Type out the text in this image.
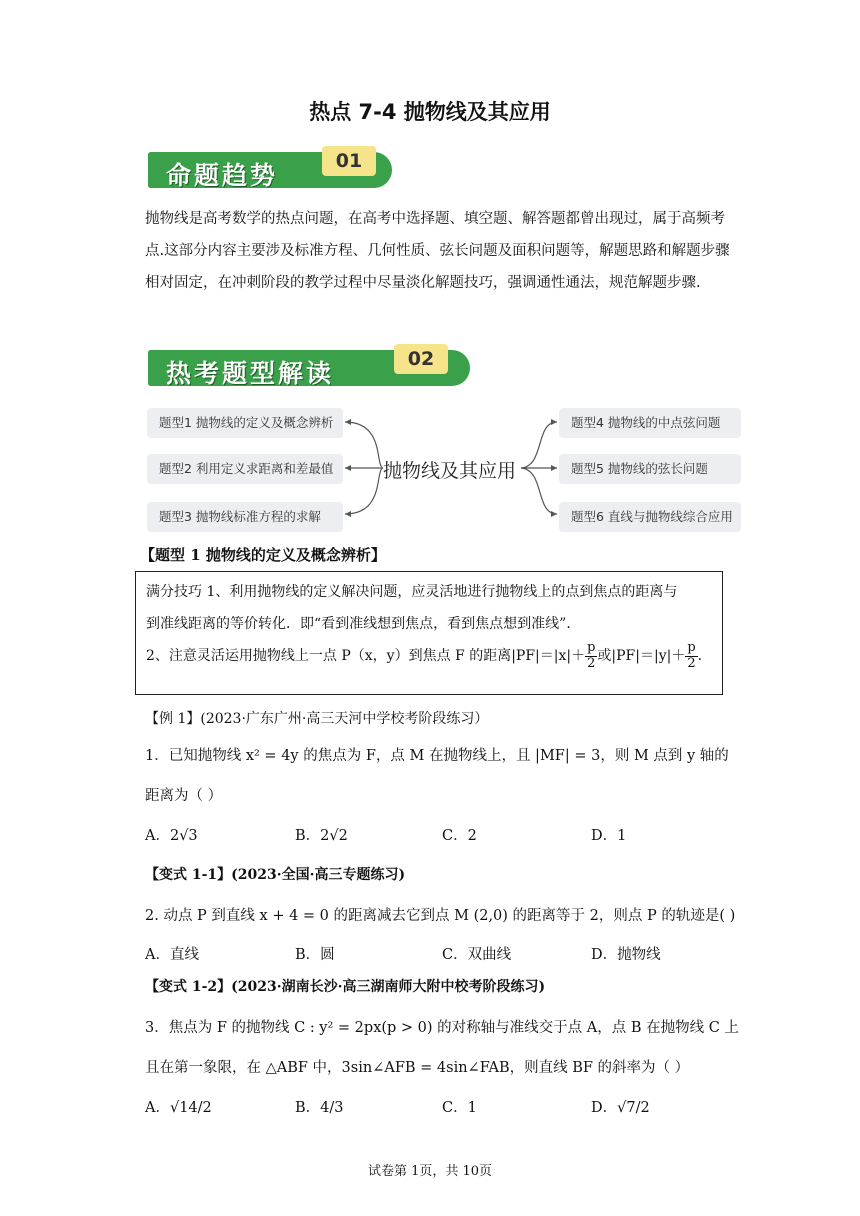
热点 7-4 抛物线及其应用
命题趋势	01
抛物线是高考数学的热点问题，在高考中选择题、填空题、解答题都曾出现过，属于高频考点.这部分内容主要涉及标准方程、几何性质、弦长问题及面积问题等，解题思路和解题步骤相对固定，在冲刺阶段的教学过程中尽量淡化解题技巧，强调通性通法，规范解题步骤.
热考题型解读	02
题型1 抛物线的定义及概念辨析
题型2 利用定义求距离和差最值
题型3 抛物线标准方程的求解
抛物线及其应用
题型4 抛物线的中点弦问题
题型5 抛物线的弦长问题
题型6 直线与抛物线综合应用
【题型 1 抛物线的定义及概念辨析】
满分技巧 1、利用抛物线的定义解决问题，应灵活地进行抛物线上的点到焦点的距离与
到准线距离的等价转化．即“看到准线想到焦点，看到焦点想到准线”．
2、注意灵活运用抛物线上一点 P（x，y）到焦点 F 的距离$|PF|=|x|+ \frac{p}{2}$ 或$|PF|=|y|+ \frac{p}{2}$ .
【例 1】(2023·广东广州·高三天河中学校考阶段练习）
1．已知抛物线 x² = 4y 的焦点为 F，点 M 在抛物线上，且 |MF| = 3，则 M 点到 y 轴的
距离为（ ）
A．2√3	B．2√2	C．2	D．1
【变式 1-1】(2023·全国·高三专题练习)
2. 动点 P 到直线 x + 4 = 0 的距离减去它到点 M (2,0) 的距离等于 2，则点 P 的轨迹是( )
A．直线	B．圆	C．双曲线	D．抛物线
【变式 1-2】(2023·湖南长沙·高三湖南师大附中校考阶段练习)
3．焦点为 F 的抛物线 C : y² = 2px(p > 0) 的对称轴与准线交于点 A，点 B 在抛物线 C 上
且在第一象限，在 △ABF 中，3sin∠AFB = 4sin∠FAB，则直线 BF 的斜率为（ ）
A．√14/2	B．4/3	C．1	D．√7/2
试卷第 1页，共 10页
